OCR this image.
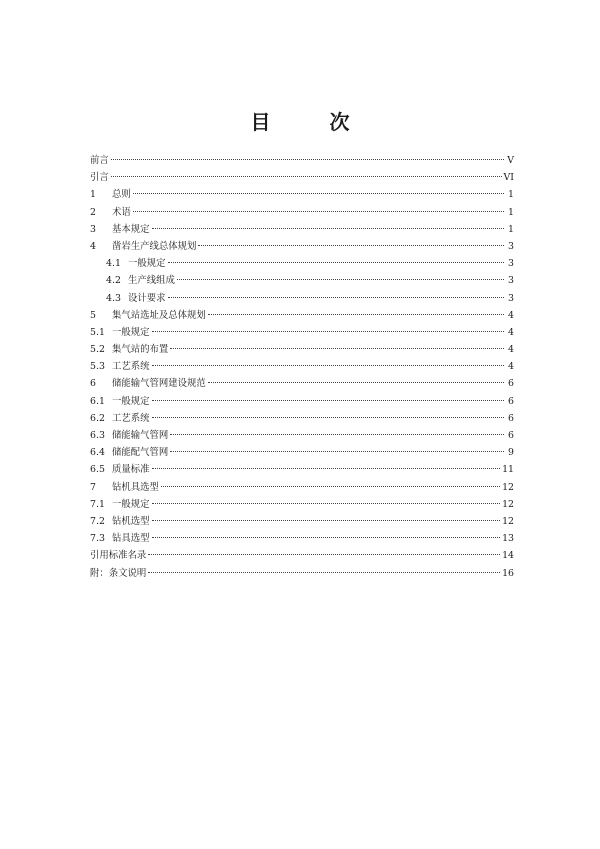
目 次
前言	V
引言	VI
1	总则	1
2	术语	1
3	基本规定	1
4	凿岩生产线总体规划	3
4.1 一般规定	3
4.2 生产线组成	3
4.3 设计要求	3
5	集气站选址及总体规划	4
5.1 一般规定	4
5.2 集气站的布置	4
5.3 工艺系统	4
6	储能输气管网建设规范	6
6.1 一般规定	6
6.2 工艺系统	6
6.3 储能输气管网	6
6.4 储能配气管网	9
6.5 质量标准	11
7	钻机具选型	12
7.1 一般规定	12
7.2 钻机选型	12
7.3 钻具选型	13
引用标准名录	14
附：条文说明	16
